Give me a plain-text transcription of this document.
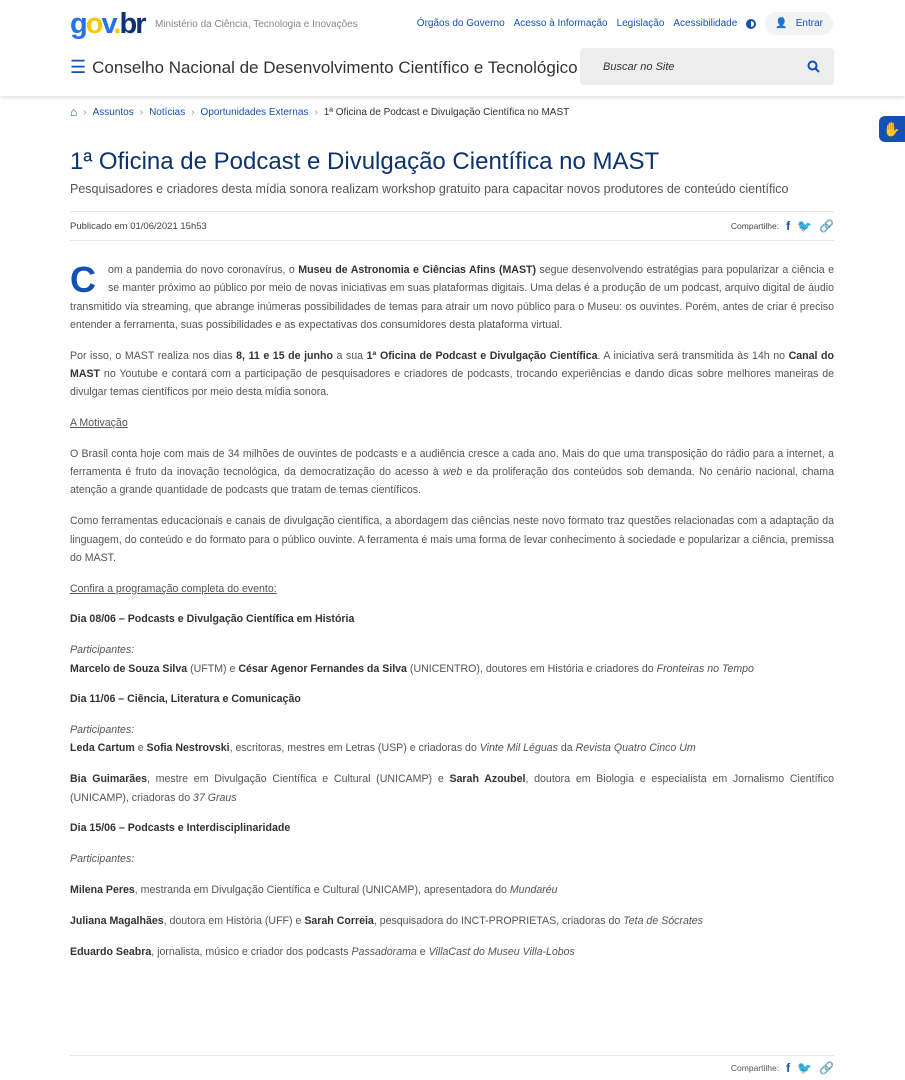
gov.br Ministério da Ciência, Tecnologia e Inovações	Órgãos do Governo Acesso à Informação Legislação Acessibilidade	👤 Entrar
☰ Conselho Nacional de Desenvolvimento Científico e Tecnológico
Buscar no Site
⌂ › Assuntos › Notícias › Oportunidades Externas › 1ª Oficina de Podcast e Divulgação Científica no MAST
✋
1ª Oficina de Podcast e Divulgação Científica no MAST
Pesquisadores e criadores desta mídia sonora realizam workshop gratuito para capacitar novos produtores de conteúdo científico
Publicado em 01/06/2021 15h53	Compartilhe: f 🐦 🔗

C om a pandemia do novo coronavírus, o Museu de Astronomia e Ciências Afins (MAST) segue desenvolvendo estratégias para popularizar a ciência e se manter próximo ao público por meio de novas iniciativas em suas plataformas digitais. Uma delas é a produção de um podcast, arquivo digital de áudio transmitido via streaming, que abrange inúmeras possibilidades de temas para atrair um novo público para o Museu: os ouvintes. Porém, antes de criar é preciso entender a ferramenta, suas possibilidades e as expectativas dos consumidores desta plataforma virtual.

Por isso, o MAST realiza nos dias 8, 11 e 15 de junho a sua 1ª Oficina de Podcast e Divulgação Científica. A iniciativa será transmitida às 14h no Canal do MAST no Youtube e contará com a participação de pesquisadores e criadores de podcasts, trocando experiências e dando dicas sobre melhores maneiras de divulgar temas científicos por meio desta mídia sonora.

A Motivação

O Brasil conta hoje com mais de 34 milhões de ouvintes de podcasts e a audiência cresce a cada ano. Mais do que uma transposição do rádio para a internet, a ferramenta é fruto da inovação tecnológica, da democratização do acesso à web e da proliferação dos conteúdos sob demanda. No cenário nacional, chama atenção a grande quantidade de podcasts que tratam de temas científicos.

Como ferramentas educacionais e canais de divulgação científica, a abordagem das ciências neste novo formato traz questões relacionadas com a adaptação da linguagem, do conteúdo e do formato para o público ouvinte. A ferramenta é mais uma forma de levar conhecimento à sociedade e popularizar a ciência, premissa do MAST.

Confira a programação completa do evento:

Dia 08/06 – Podcasts e Divulgação Científica em História

Participantes:
Marcelo de Souza Silva (UFTM) e César Agenor Fernandes da Silva (UNICENTRO), doutores em História e criadores do Fronteiras no Tempo

Dia 11/06 – Ciência, Literatura e Comunicação

Participantes:
Leda Cartum e Sofia Nestrovski, escritoras, mestres em Letras (USP) e criadoras do Vinte Mil Léguas da Revista Quatro Cinco Um

Bia Guimarães, mestre em Divulgação Científica e Cultural (UNICAMP) e Sarah Azoubel, doutora em Biologia e especialista em Jornalismo Científico (UNICAMP), criadoras do 37 Graus

Dia 15/06 – Podcasts e Interdisciplinaridade

Participantes:

Milena Peres, mestranda em Divulgação Científica e Cultural (UNICAMP), apresentadora do Mundaréu

Juliana Magalhães, doutora em História (UFF) e Sarah Correia, pesquisadora do INCT-PROPRIETAS, criadoras do Teta de Sócrates

Eduardo Seabra, jornalista, músico e criador dos podcasts Passadorama e VillaCast do Museu Villa-Lobos

Compartilhe: f 🐦 🔗
